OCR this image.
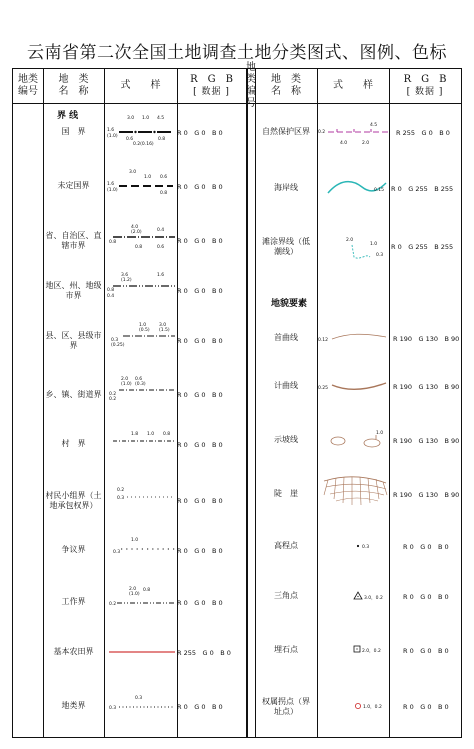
云南省第二次全国土地调查土地分类图式、图例、色标
地类
编号
地　类
名　称
式　　样
R　G　B
[ 数据 ]
地类
编号
地　类
名　称
式　　样
R　G　B
[ 数据 ]
界 线
地貌要素
国　界
未定国界
省、自治区、直辖市界
地区、州、地级市界
县、区、县级市界
乡、镇、街道界
村　界
村民小组界（土地承包权界）
争议界
工作界
基本农田界
地类界
R 0　G 0　B 0
R 0　G 0　B 0
R 0　G 0　B 0
R 0　G 0　B 0
R 0　G 0　B 0
R 0　G 0　B 0
R 0　G 0　B 0
R 0　G 0　B 0
R 0　G 0　B 0
R 0　G 0　B 0
R 255　G 0　B 0
R 0　G 0　B 0
自然保护区界
海岸线
滩涂界线（低潮线）
首曲线
计曲线
示坡线
陡　崖
高程点
三角点
埋石点
权属拐点（界址点）
R 255　G 0　B 0
R 0　G 255　B 255
R 0　G 255　B 255
R 190　G 130　B 90
R 190　G 130　B 90
R 190　G 130　B 90
R 190　G 130　B 90
R 0　G 0　B 0
R 0　G 0　B 0
R 0　G 0　B 0
R 0　G 0　B 0
3.0 1.0 4.5
1.6
(1.0)
0.8
0.6
0.2(0.16)
3.0
1.0
1.6
(1.0)
0.6
0.8
4.0
(2.0)
0.8
0.4
0.6
0.8
3.6
(1.2)
1.6
0.8
0.4
1.0
(0.5)
3.0
(1.5)
0.3
(0.25)
2.0
(1.0)
0.6
(0.3)
0.2
0.2
1.8 1.0 0.8
0.2
0.3
0.3
1.0
2.0
(1.0)
0.8
0.2
0.3
0.3
0.2
4.0
4.5
2.0
0.15
2.0
1.0
0.3
0.12
0.25
1.0
0.3
3.0，0.2
2.0，0.2
1.0，0.2
